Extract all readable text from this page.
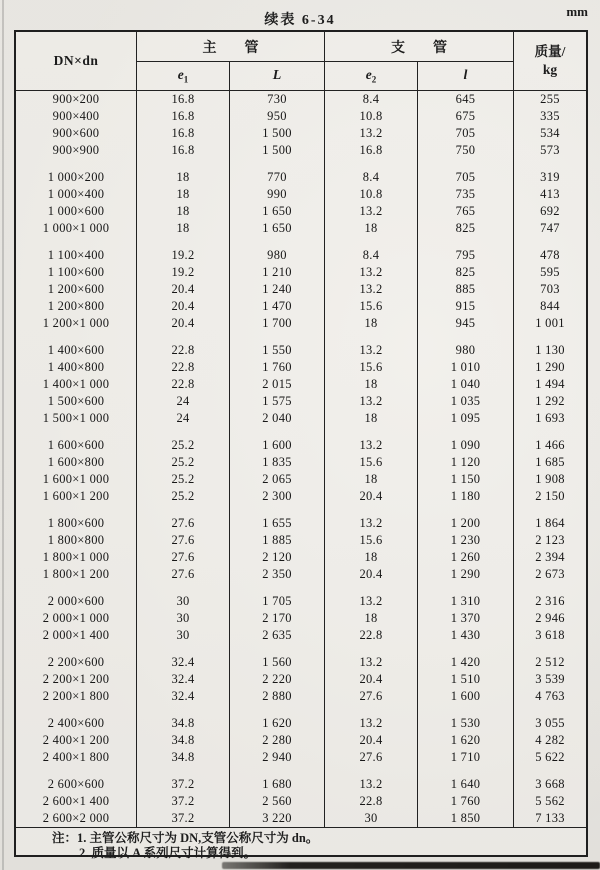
续表 6-34
mm
DN×dn
主　　管	支　　管	质量/
kg
$e_1$	L	$e_2$	l
900×200	16.8	730	8.4	645	255
900×400	16.8	950	10.8	675	335
900×600	16.8	1 500	13.2	705	534
900×900	16.8	1 500	16.8	750	573
1 000×200	18	770	8.4	705	319
1 000×400	18	990	10.8	735	413
1 000×600	18	1 650	13.2	765	692
1 000×1 000	18	1 650	18	825	747
1 100×400	19.2	980	8.4	795	478
1 100×600	19.2	1 210	13.2	825	595
1 200×600	20.4	1 240	13.2	885	703
1 200×800	20.4	1 470	15.6	915	844
1 200×1 000	20.4	1 700	18	945	1 001
1 400×600	22.8	1 550	13.2	980	1 130
1 400×800	22.8	1 760	15.6	1 010	1 290
1 400×1 000	22.8	2 015	18	1 040	1 494
1 500×600	24	1 575	13.2	1 035	1 292
1 500×1 000	24	2 040	18	1 095	1 693
1 600×600	25.2	1 600	13.2	1 090	1 466
1 600×800	25.2	1 835	15.6	1 120	1 685
1 600×1 000	25.2	2 065	18	1 150	1 908
1 600×1 200	25.2	2 300	20.4	1 180	2 150
1 800×600	27.6	1 655	13.2	1 200	1 864
1 800×800	27.6	1 885	15.6	1 230	2 123
1 800×1 000	27.6	2 120	18	1 260	2 394
1 800×1 200	27.6	2 350	20.4	1 290	2 673
2 000×600	30	1 705	13.2	1 310	2 316
2 000×1 000	30	2 170	18	1 370	2 946
2 000×1 400	30	2 635	22.8	1 430	3 618
2 200×600	32.4	1 560	13.2	1 420	2 512
2 200×1 200	32.4	2 220	20.4	1 510	3 539
2 200×1 800	32.4	2 880	27.6	1 600	4 763
2 400×600	34.8	1 620	13.2	1 530	3 055
2 400×1 200	34.8	2 280	20.4	1 620	4 282
2 400×1 800	34.8	2 940	27.6	1 710	5 622
2 600×600	37.2	1 680	13.2	1 640	3 668
2 600×1 400	37.2	2 560	22.8	1 760	5 562
2 600×2 000	37.2	3 220	30	1 850	7 133
注：1. 主管公称尺寸为 DN,支管公称尺寸为 dn。
2. 质量以 A 系列尺寸计算得到。
